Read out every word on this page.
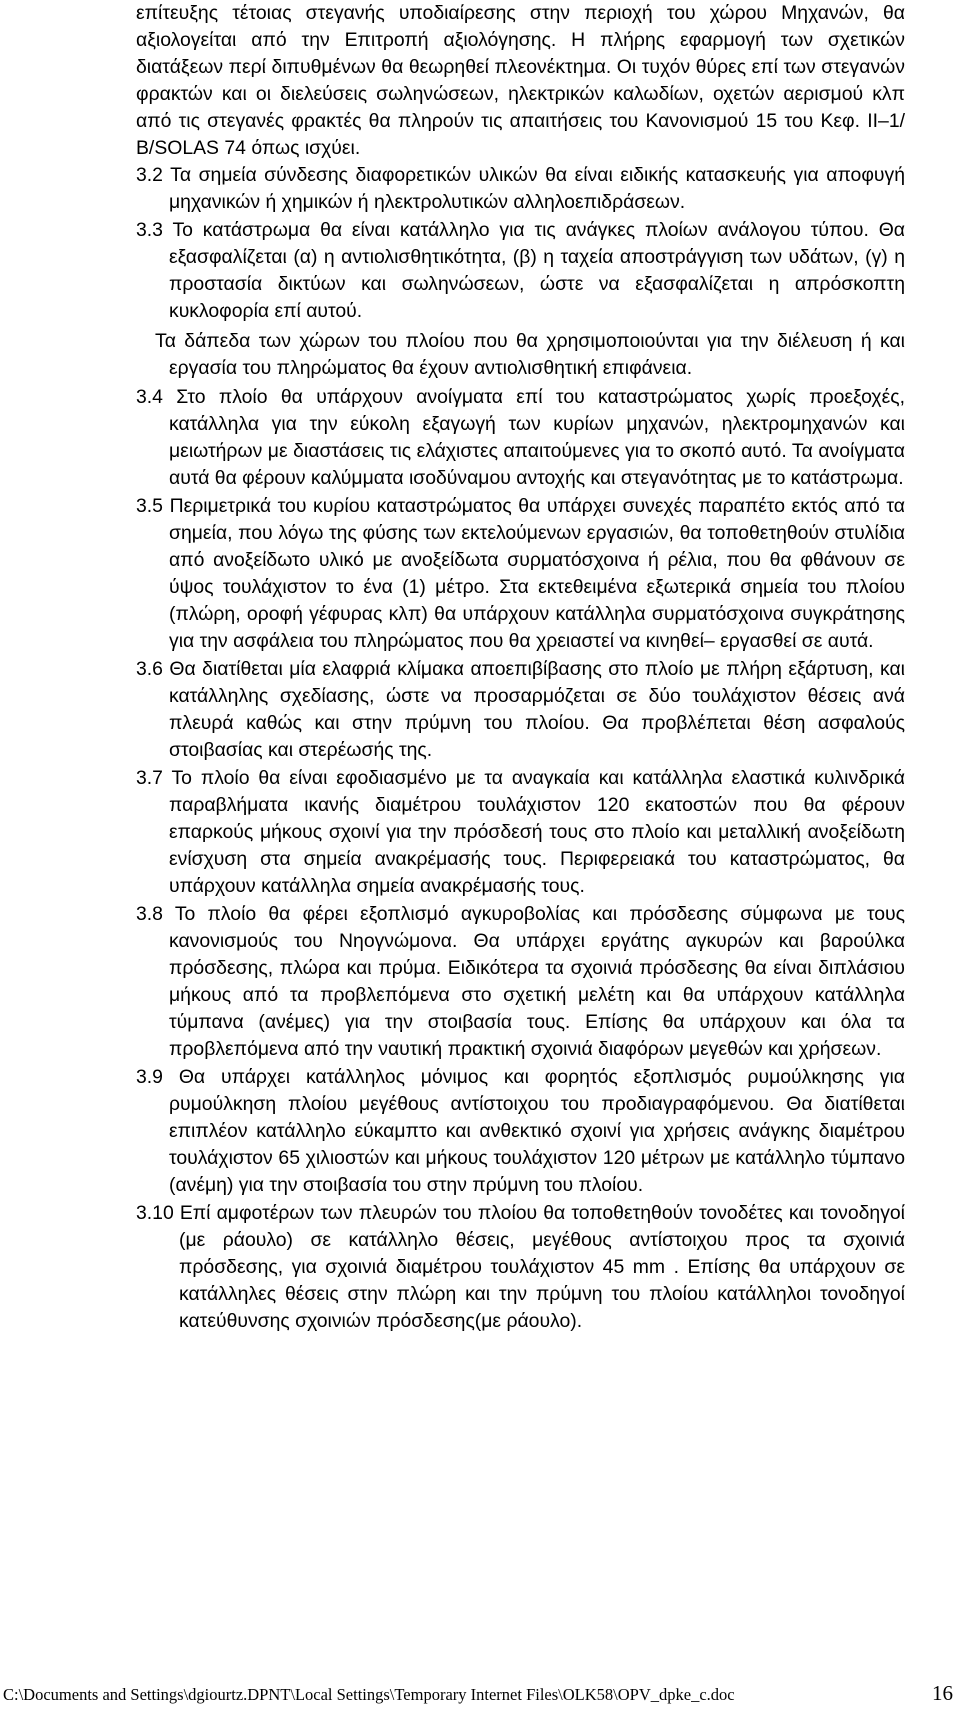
επίτευξης τέτοιας στεγανής υποδιαίρεσης στην περιοχή του χώρου Μηχανών, θα αξιολογείται από την Επιτροπή αξιολόγησης. Η πλήρης εφαρμογή των σχετικών διατάξεων περί διπυθμένων θα θεωρηθεί πλεονέκτημα. Οι τυχόν θύρες επί των στεγανών φρακτών και οι διελεύσεις σωληνώσεων, ηλεκτρικών καλωδίων, οχετών αερισμού κλπ από τις στεγανές φρακτές θα πληρούν τις απαιτήσεις του Κανονισμού 15 του Κεφ. ΙΙ–1/Β/SOLAS 74 όπως ισχύει.

3.2 Τα σημεία σύνδεσης διαφορετικών υλικών θα είναι ειδικής κατασκευής για αποφυγή μηχανικών ή χημικών ή ηλεκτρολυτικών αλληλοεπιδράσεων.

3.3 Το κατάστρωμα θα είναι κατάλληλο για τις ανάγκες πλοίων ανάλογου τύπου. Θα εξασφαλίζεται (α) η αντιολισθητικότητα, (β) η ταχεία αποστράγγιση των υδάτων, (γ) η προστασία δικτύων και σωληνώσεων, ώστε να εξασφαλίζεται η απρόσκοπτη κυκλοφορία επί αυτού.

Τα δάπεδα των χώρων του πλοίου που θα χρησιμοποιούνται για την διέλευση ή και εργασία του πληρώματος θα έχουν αντιολισθητική επιφάνεια.

3.4 Στο πλοίο θα υπάρχουν ανοίγματα επί του καταστρώματος χωρίς προεξοχές, κατάλληλα για την εύκολη εξαγωγή των κυρίων μηχανών, ηλεκτρομηχανών και μειωτήρων με διαστάσεις τις ελάχιστες απαιτούμενες για το σκοπό αυτό. Τα ανοίγματα αυτά θα φέρουν καλύμματα ισοδύναμου αντοχής και στεγανότητας με το κατάστρωμα.

3.5 Περιμετρικά του κυρίου καταστρώματος θα υπάρχει συνεχές παραπέτο εκτός από τα σημεία, που λόγω της φύσης των εκτελούμενων εργασιών, θα τοποθετηθούν στυλίδια από ανοξείδωτο υλικό με ανοξείδωτα συρματόσχοινα ή ρέλια, που θα φθάνουν σε ύψος τουλάχιστον το ένα (1) μέτρο. Στα εκτεθειμένα εξωτερικά σημεία του πλοίου (πλώρη, οροφή γέφυρας κλπ) θα υπάρχουν κατάλληλα συρματόσχοινα συγκράτησης για την ασφάλεια του πληρώματος που θα χρειαστεί να κινηθεί– εργασθεί σε αυτά.

3.6 Θα διατίθεται μία ελαφριά κλίμακα αποεπιβίβασης στο πλοίο με πλήρη εξάρτυση, και κατάλληλης σχεδίασης, ώστε να προσαρμόζεται σε δύο τουλάχιστον θέσεις ανά πλευρά καθώς και στην πρύμνη του πλοίου. Θα προβλέπεται θέση ασφαλούς στοιβασίας και στερέωσής της.

3.7 Το πλοίο θα είναι εφοδιασμένο με τα αναγκαία και κατάλληλα ελαστικά κυλινδρικά παραβλήματα ικανής διαμέτρου τουλάχιστον 120 εκατοστών που θα φέρουν επαρκούς μήκους σχοινί για την πρόσδεσή τους στο πλοίο και μεταλλική ανοξείδωτη ενίσχυση στα σημεία ανακρέμασής τους. Περιφερειακά του καταστρώματος, θα υπάρχουν κατάλληλα σημεία ανακρέμασής τους.

3.8 Το πλοίο θα φέρει εξοπλισμό αγκυροβολίας και πρόσδεσης σύμφωνα με τους κανονισμούς του Νηογνώμονα. Θα υπάρχει εργάτης αγκυρών και βαρούλκα πρόσδεσης, πλώρα και πρύμα. Ειδικότερα τα σχοινιά πρόσδεσης θα είναι διπλάσιου μήκους από τα προβλεπόμενα στο σχετική μελέτη και θα υπάρχουν κατάλληλα τύμπανα (ανέμες) για την στοιβασία τους. Επίσης θα υπάρχουν και όλα τα προβλεπόμενα από την ναυτική πρακτική σχοινιά διαφόρων μεγεθών και χρήσεων.

3.9 Θα υπάρχει κατάλληλος μόνιμος και φορητός εξοπλισμός ρυμούλκησης για ρυμούλκηση πλοίου μεγέθους αντίστοιχου του προδιαγραφόμενου. Θα διατίθεται επιπλέον κατάλληλο εύκαμπτο και ανθεκτικό σχοινί για χρήσεις ανάγκης διαμέτρου τουλάχιστον 65 χιλιοστών και μήκους τουλάχιστον 120 μέτρων με κατάλληλο τύμπανο (ανέμη) για την στοιβασία του στην πρύμνη του πλοίου.

3.10 Επί αμφοτέρων των πλευρών του πλοίου θα τοποθετηθούν τονοδέτες και τονοδηγοί (με ράουλο) σε κατάλληλο θέσεις, μεγέθους αντίστοιχου προς τα σχοινιά πρόσδεσης, για σχοινιά διαμέτρου τουλάχιστον 45 mm . Επίσης θα υπάρχουν σε κατάλληλες θέσεις στην πλώρη και την πρύμνη του πλοίου κατάλληλοι τονοδηγοί κατεύθυνσης σχοινιών πρόσδεσης(με ράουλο).

C:\Documents and Settings\dgiourtz.DPNT\Local Settings\Temporary Internet Files\OLK58\OPV_dpke_c.doc	16
